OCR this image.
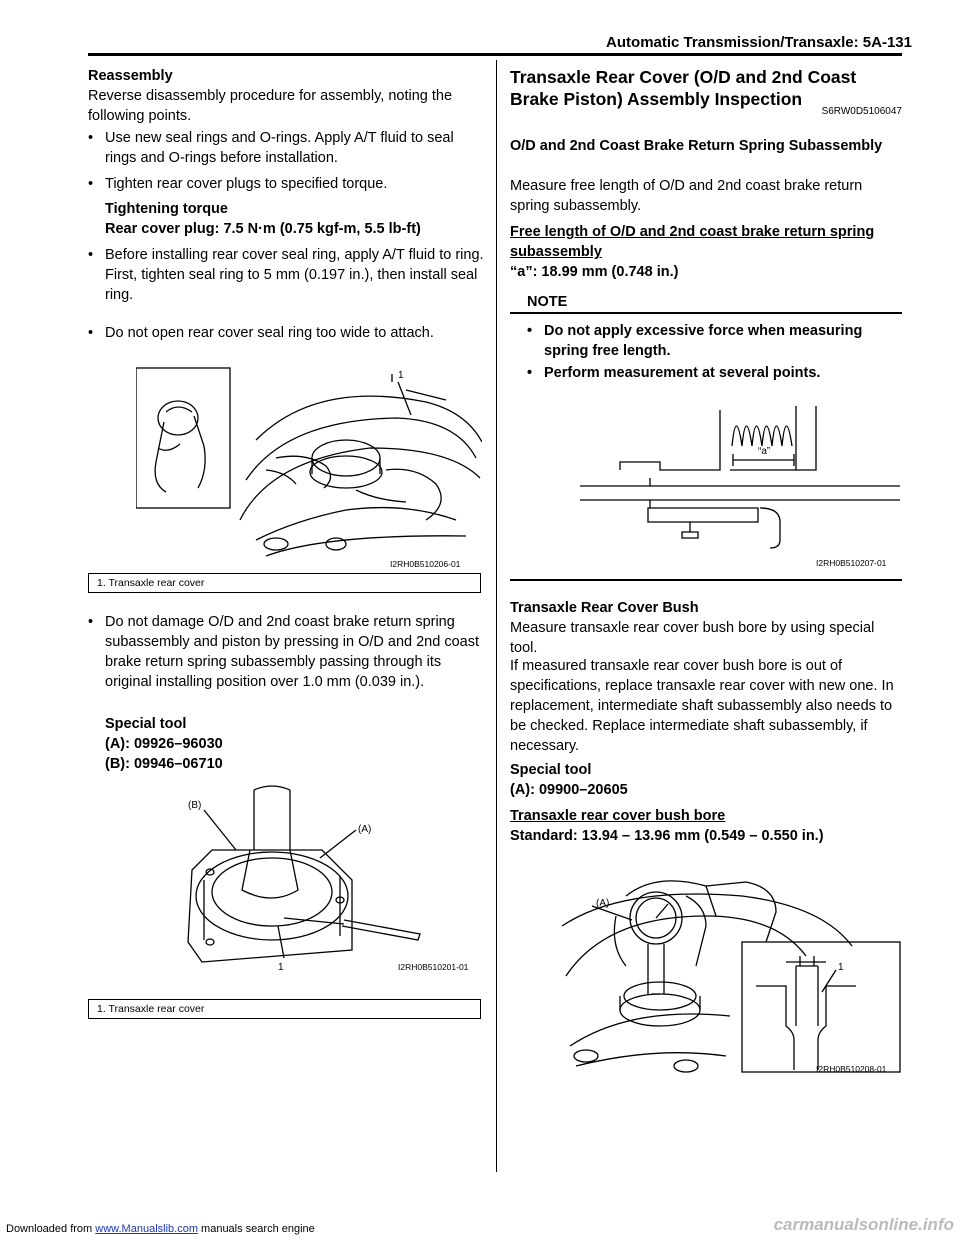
Automatic Transmission/Transaxle: 5A-131
Reassembly
Reverse disassembly procedure for assembly, noting the following points.
• Use new seal rings and O-rings. Apply A/T fluid to seal rings and O-rings before installation.
• Tighten rear cover plugs to specified torque.
Tightening torque
Rear cover plug: 7.5 N·m (0.75 kgf-m, 5.5 lb-ft)
• Before installing rear cover seal ring, apply A/T fluid to ring.
First, tighten seal ring to 5 mm (0.197 in.), then install seal ring.
• Do not open rear cover seal ring too wide to attach.
1
I2RH0B510206-01
1. Transaxle rear cover
• Do not damage O/D and 2nd coast brake return spring subassembly and piston by pressing in O/D and 2nd coast brake return spring subassembly passing through its original installing position over 1.0 mm (0.039 in.).
Special tool
(A): 09926–96030
(B): 09946–06710
(B)
(A)
1	I2RH0B510201-01
1. Transaxle rear cover
Transaxle Rear Cover (O/D and 2nd Coast Brake Piston) Assembly Inspection
S6RW0D5106047
O/D and 2nd Coast Brake Return Spring Subassembly
Measure free length of O/D and 2nd coast brake return spring subassembly.
Free length of O/D and 2nd coast brake return spring subassembly
“a”: 18.99 mm (0.748 in.)
NOTE
• Do not apply excessive force when measuring spring free length.
• Perform measurement at several points.
“a”
I2RH0B510207-01
Transaxle Rear Cover Bush
Measure transaxle rear cover bush bore by using special tool.
If measured transaxle rear cover bush bore is out of specifications, replace transaxle rear cover with new one. In replacement, intermediate shaft subassembly also needs to be checked. Replace intermediate shaft subassembly, if necessary.
Special tool
(A): 09900–20605
Transaxle rear cover bush bore
Standard: 13.94 – 13.96 mm (0.549 – 0.550 in.)
(A)
1
I2RH0B510208-01
Downloaded from www.Manualslib.com manuals search engine	carmanualsonline.info
